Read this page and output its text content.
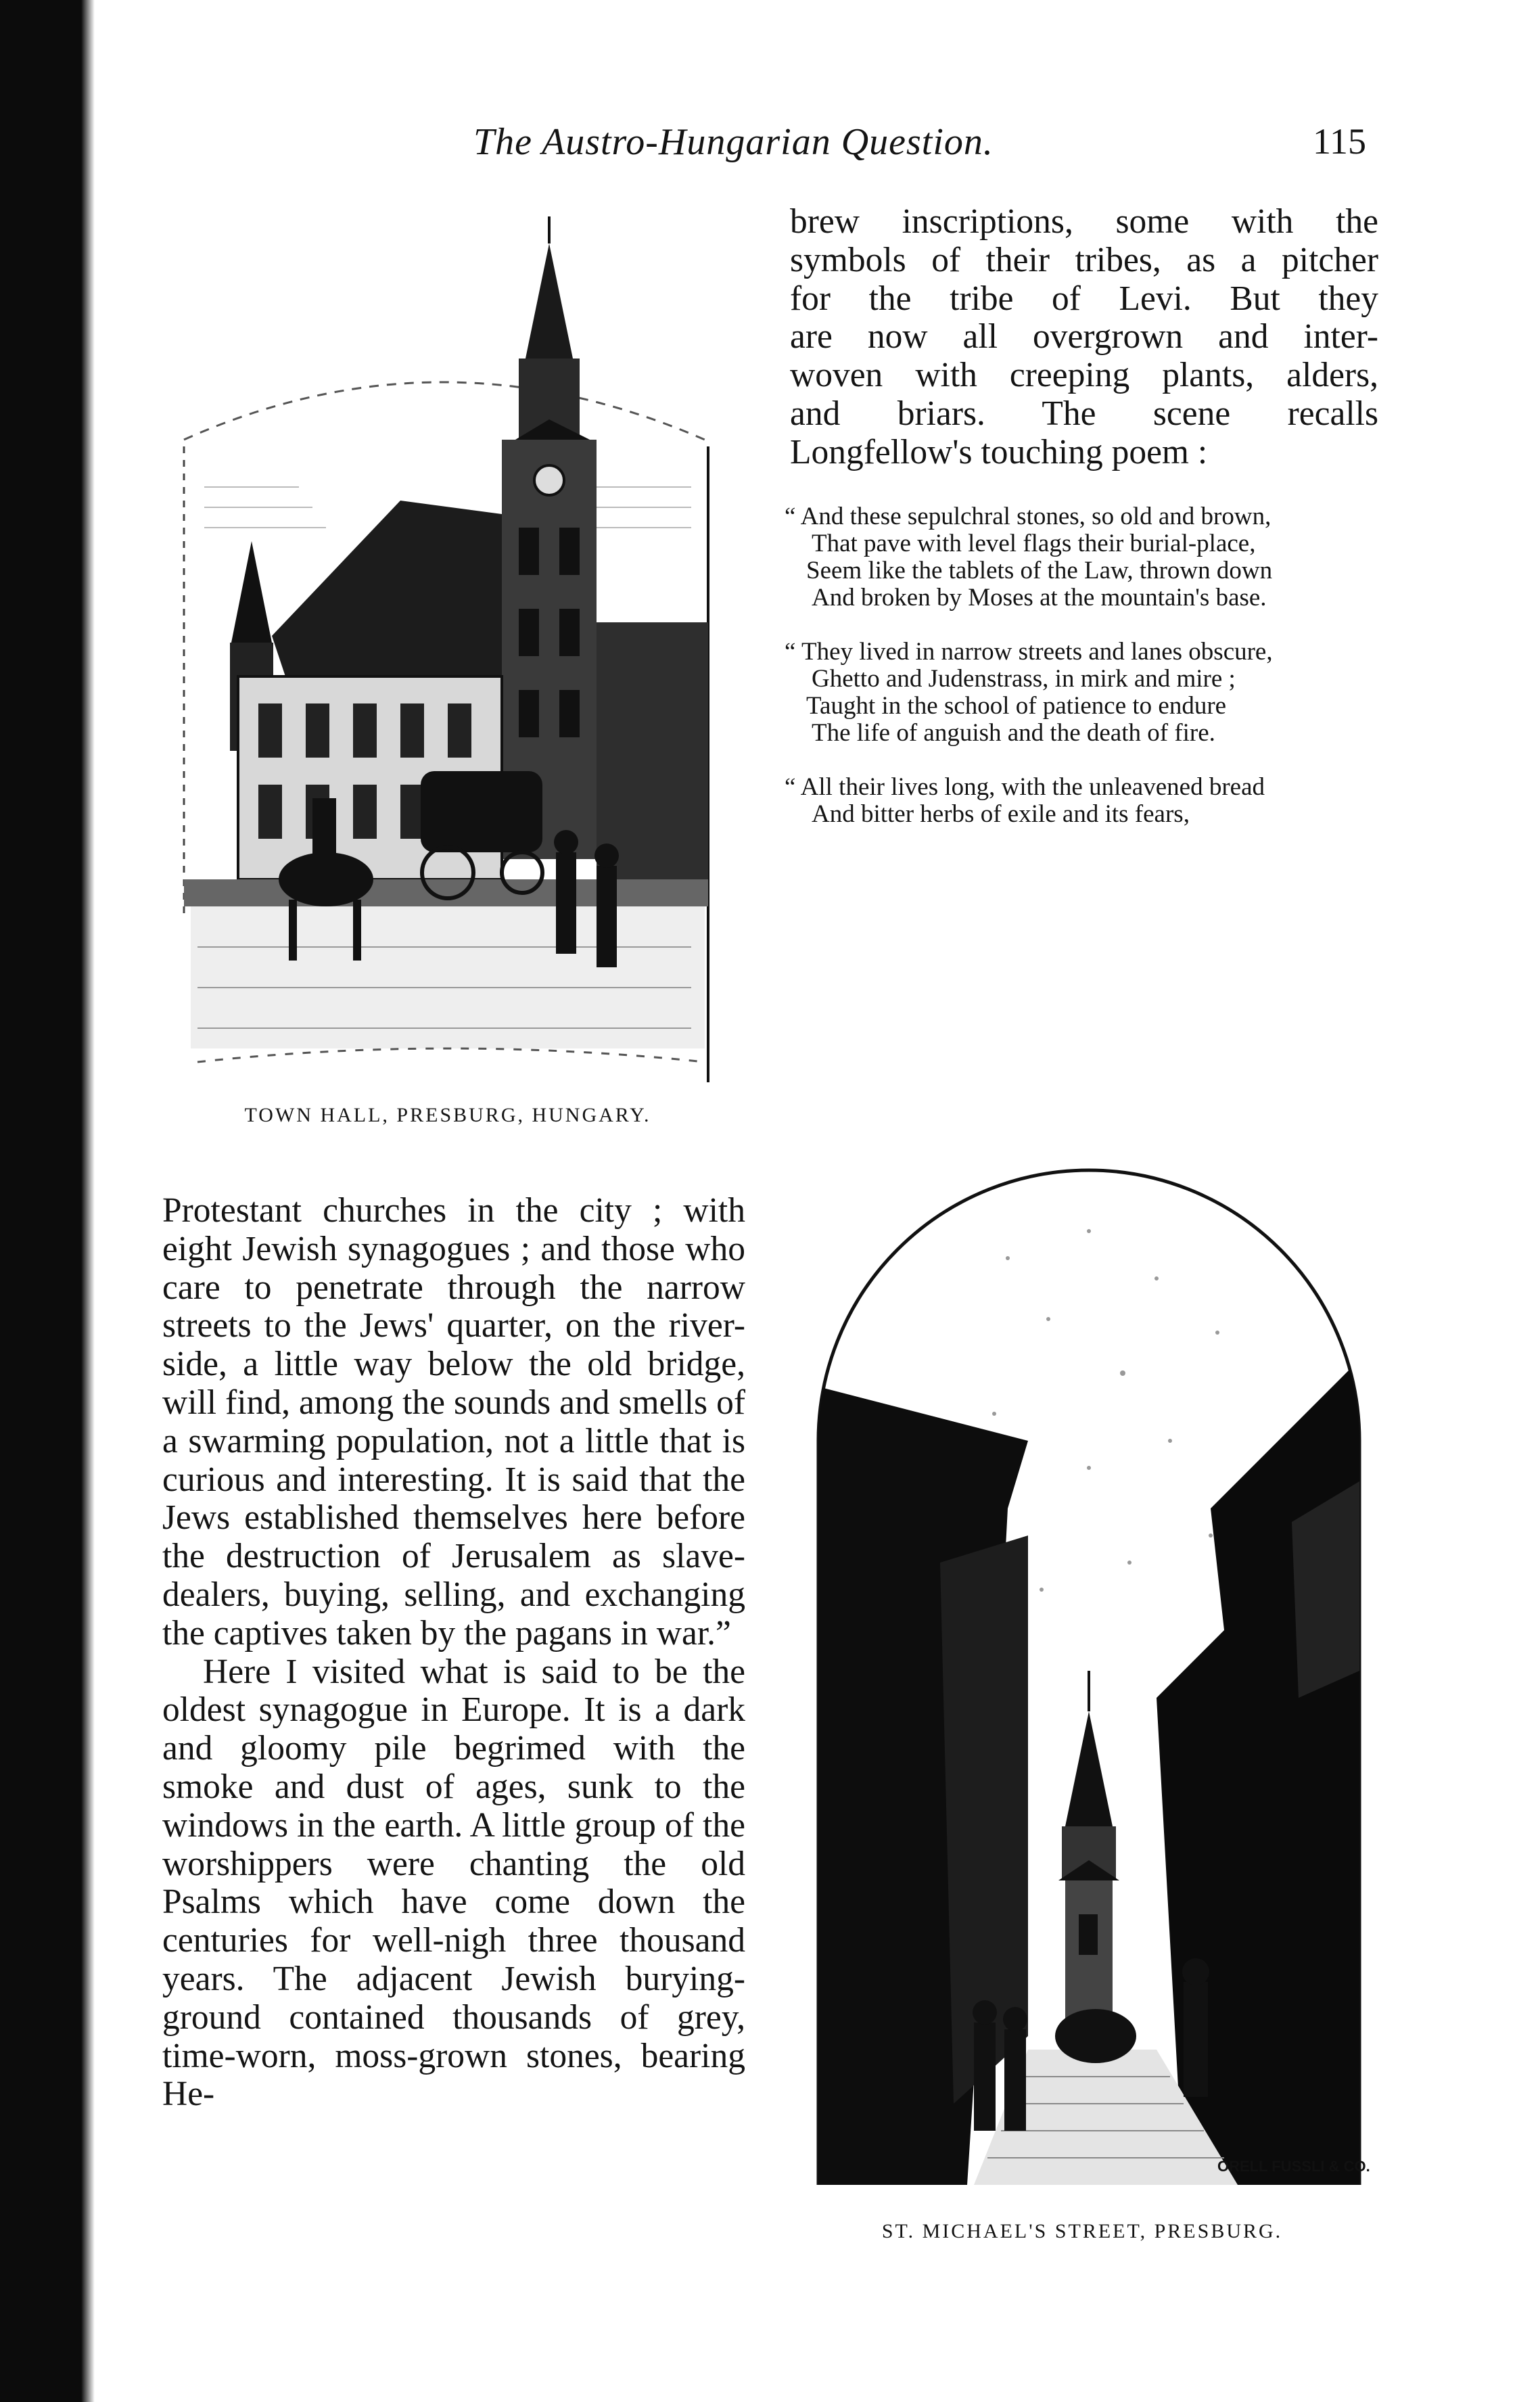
The Austro-Hungarian Question.	115
TOWN HALL, PRESBURG, HUNGARY.
brew inscriptions, some with the
symbols of their tribes, as a pitcher
for the tribe of Levi. But they
are now all overgrown and inter-
woven with creeping plants, alders,
and briars. The scene recalls
Longfellow's touching poem :
“ And these sepulchral stones, so old and brown,
That pave with level flags their burial-place,
Seem like the tablets of the Law, thrown down
And broken by Moses at the mountain's base.
“ They lived in narrow streets and lanes obscure,
Ghetto and Judenstrass, in mirk and mire ;
Taught in the school of patience to endure
The life of anguish and the death of fire.
“ All their lives long, with the unleavened bread
And bitter herbs of exile and its fears,

Protestant churches in the city ; with eight Jewish synagogues ; and those who care to penetrate through the narrow streets to the Jews' quarter, on the river-side, a little way below the old bridge, will find, among the sounds and smells of a swarming population, not a little that is curious and interesting. It is said that the Jews established themselves here before the destruction of Jerusalem as slave-dealers, buying, selling, and exchanging the captives taken by the pagans in war.”

Here I visited what is said to be the oldest synagogue in Europe. It is a dark and gloomy pile begrimed with the smoke and dust of ages, sunk to the windows in the earth. A little group of the worshippers were chanting the old Psalms which have come down the centuries for well-nigh three thousand years. The adjacent Jewish burying-ground contained thousands of grey, time-worn, moss-grown stones, bearing He-

ORELL FUSSLI & CO.
ST. MICHAEL'S STREET, PRESBURG.
